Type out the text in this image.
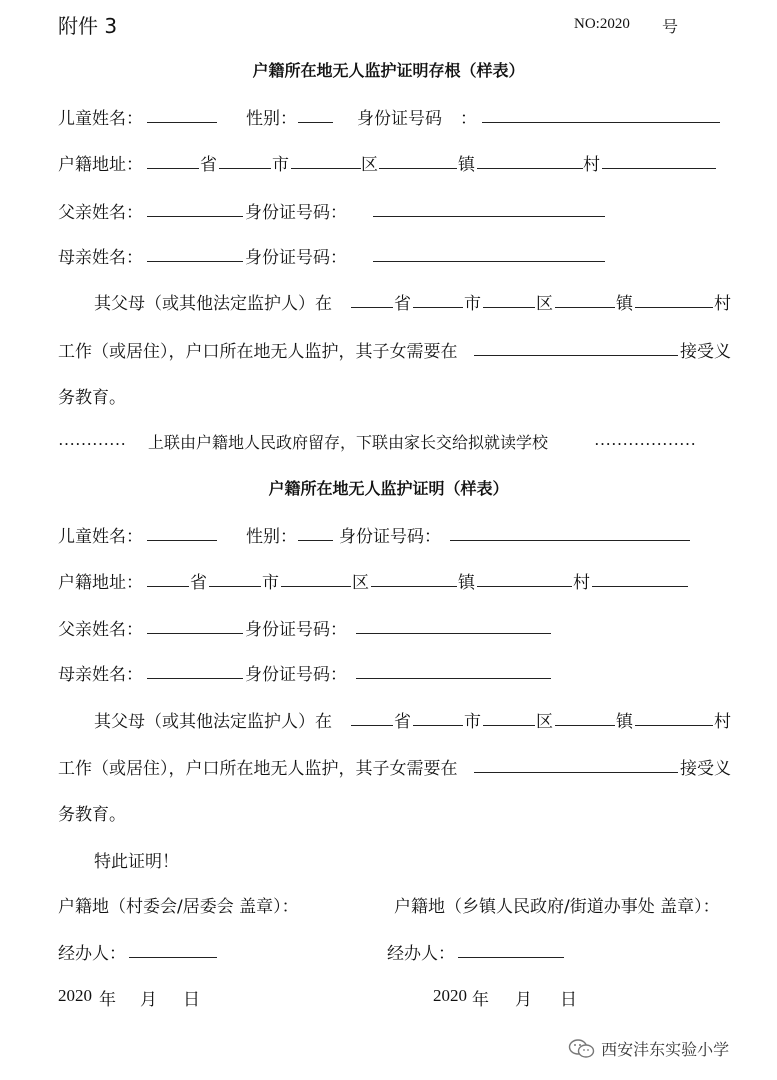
附件 3	NO:2020 号
户籍所在地无人监护证明存根（样表）
儿童姓名：	性别：	身份证号码 ：
户籍地址：	省	市	区	镇	村
父亲姓名：	身份证号码：
母亲姓名：	身份证号码：
其父母（或其他法定监护人）在	省	市	区	镇	村
工作（或居住），户口所在地无人监护，其子女需要在	接受义
务教育。
………… 上联由户籍地人民政府留存，下联由家长交给拟就读学校	………………
户籍所在地无人监护证明（样表）
儿童姓名：	性别： 身份证号码：
户籍地址：	省	市	区	镇	村
父亲姓名：	身份证号码：
母亲姓名：	身份证号码：
其父母（或其他法定监护人）在	省	市	区	镇	村
工作（或居住），户口所在地无人监护，其子女需要在	接受义
务教育。
特此证明！
户籍地（村委会/居委会 盖章）：	户籍地（乡镇人民政府/街道办事处 盖章）：
经办人：	经办人：
2020 年 月 日	2020 年 月 日
西安沣东实验小学
